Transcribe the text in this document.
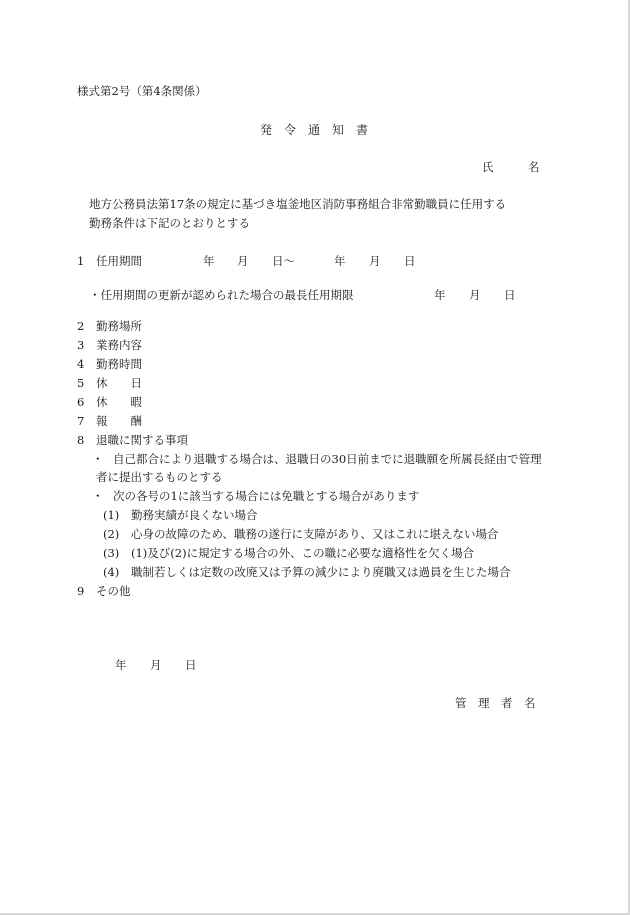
様式第2号（第4条関係）
発　令　通　知　書
氏　　　名
地方公務員法第17条の規定に基づき塩釜地区消防事務組合非常勤職員に任用する
勤務条件は下記のとおりとする
1 任用期間	年 月 日～	年 月 日
・任用期間の更新が認められた場合の最長任用期限	年 月 日
2 勤務場所
3 業務内容
4 勤務時間
5 休　　日
6 休　　暇
7 報　　酬
8 退職に関する事項
・ 自己都合により退職する場合は、退職日の30日前までに退職願を所属長経由で管理
者に提出するものとする
・ 次の各号の1に該当する場合には免職とする場合があります
(1) 勤務実績が良くない場合
(2) 心身の故障のため、職務の遂行に支障があり、又はこれに堪えない場合
(3) (1)及び(2)に規定する場合の外、この職に必要な適格性を欠く場合
(4) 職制若しくは定数の改廃又は予算の減少により廃職又は過員を生じた場合
9 その他
年 月 日
管　理　者　名
